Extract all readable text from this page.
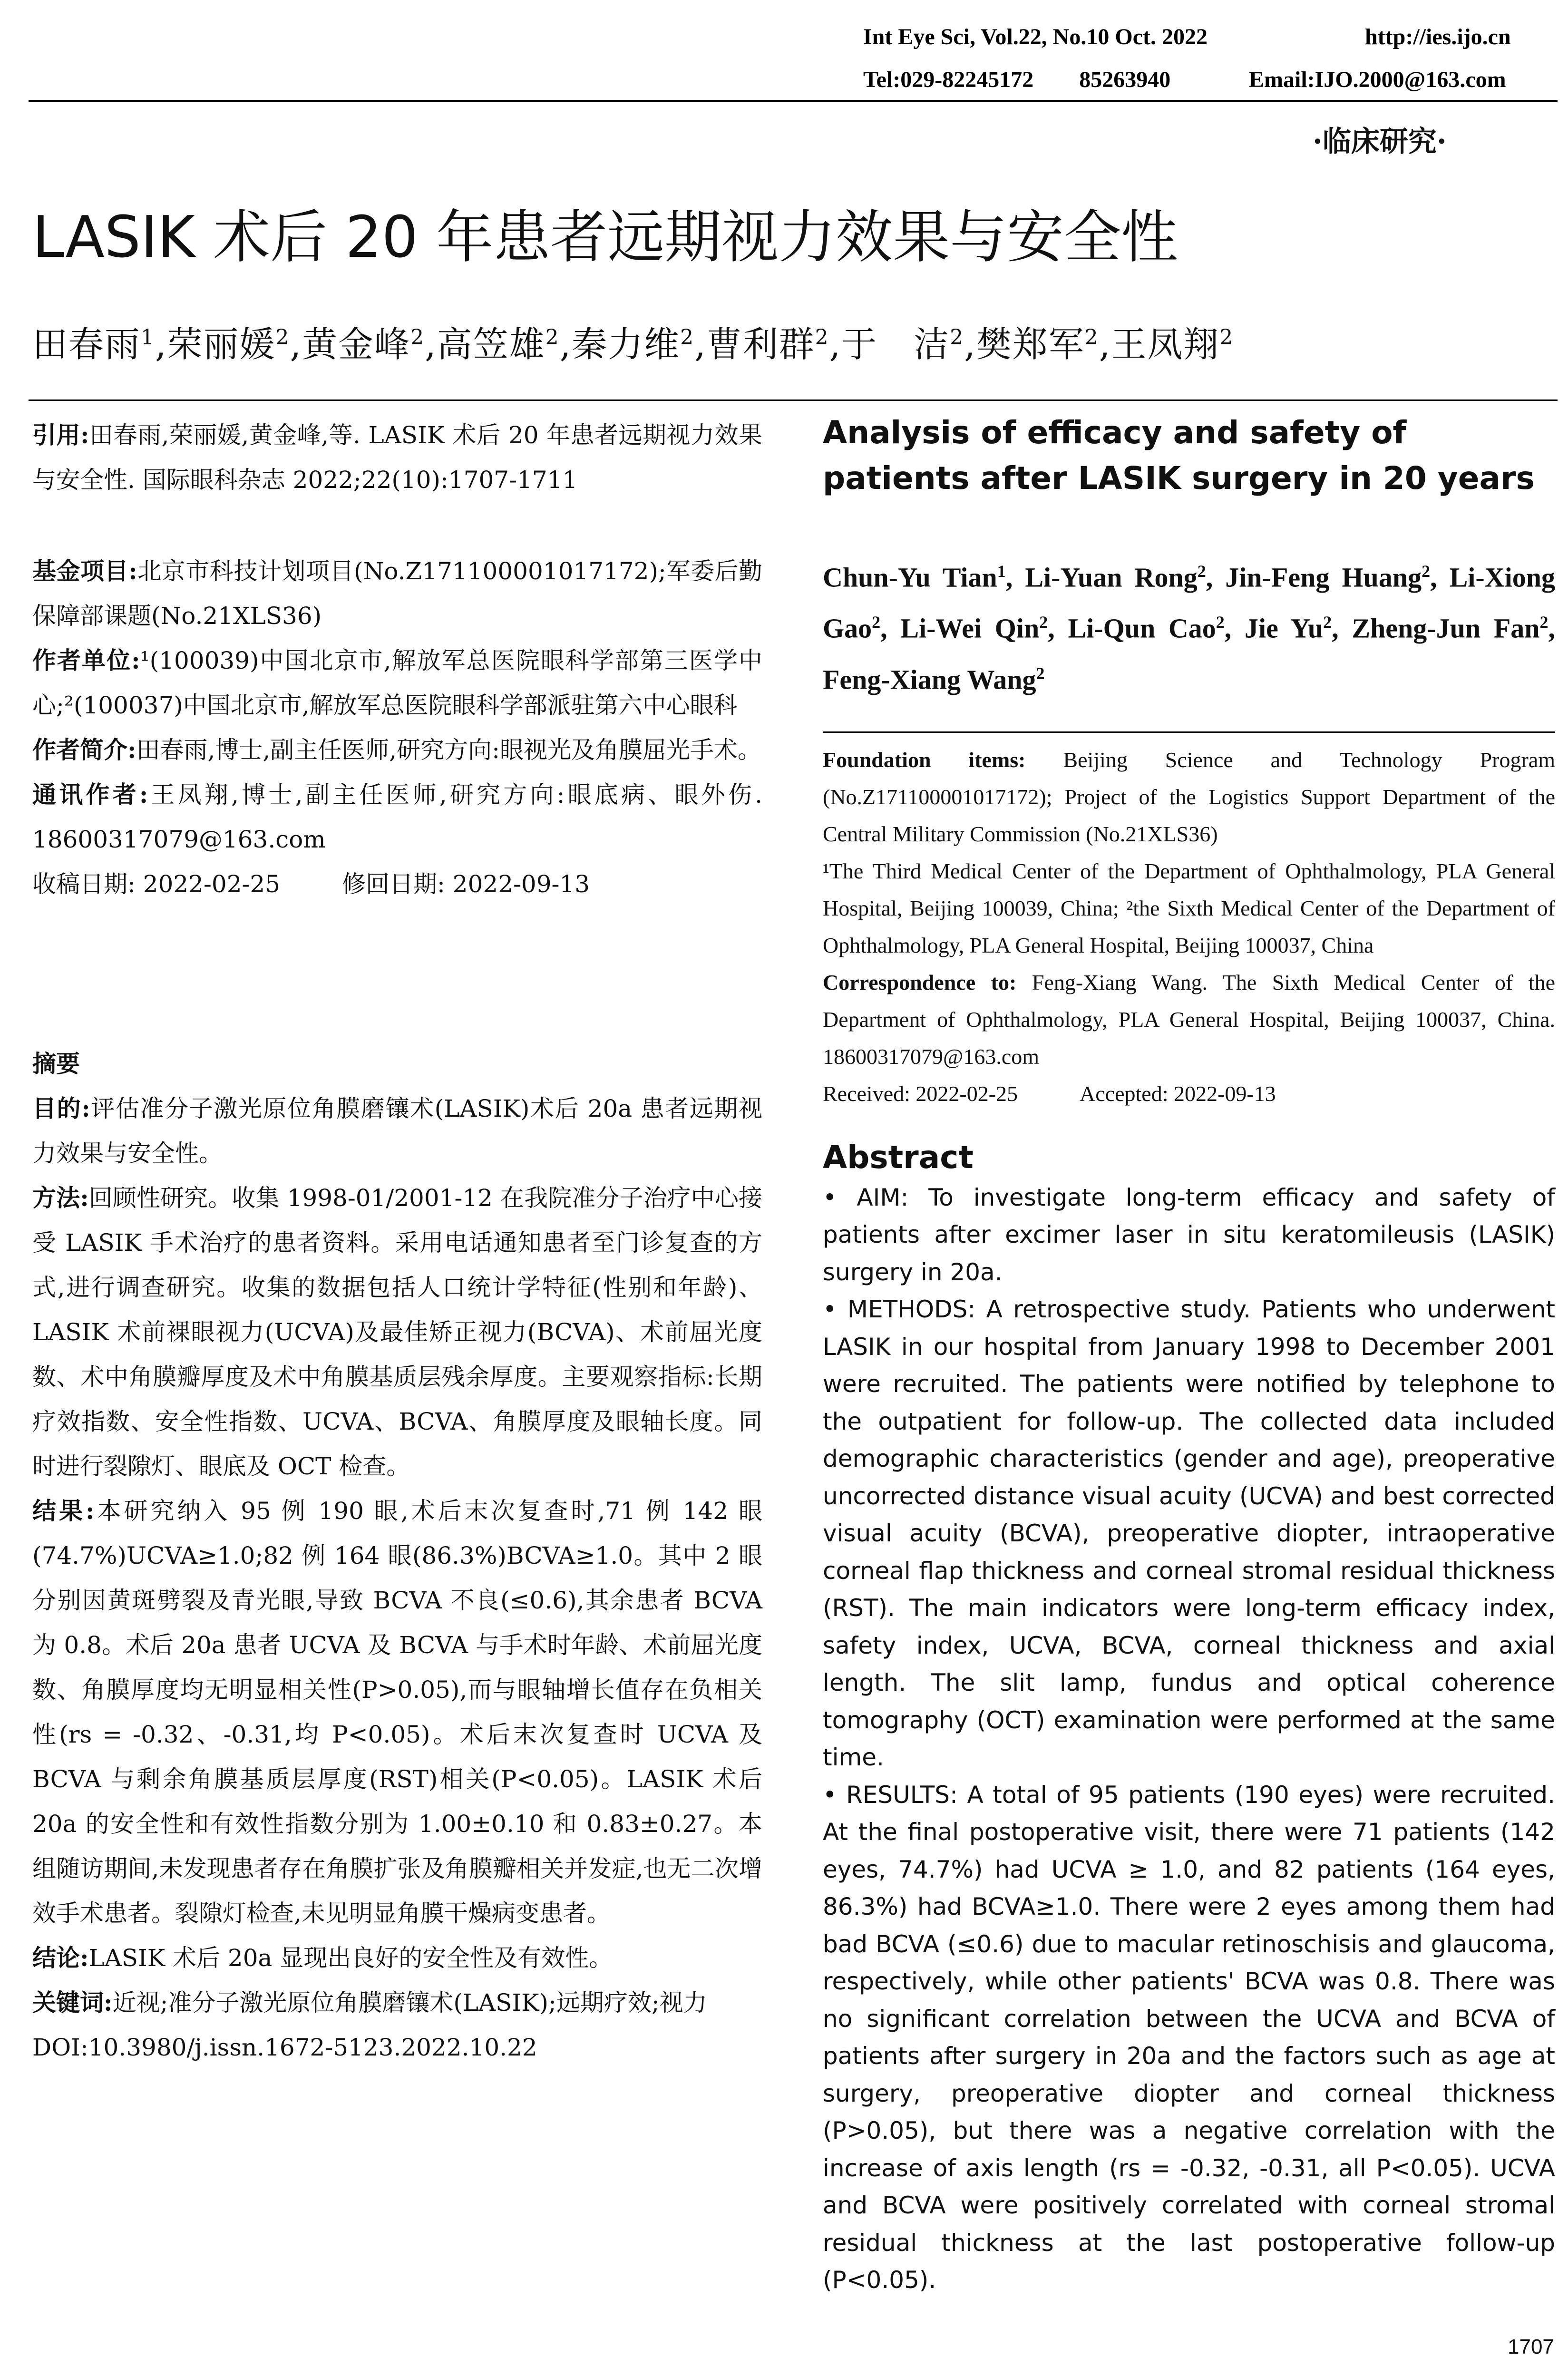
Int Eye Sci, Vol.22, No.10 Oct. 2022	http://ies.ijo.cn
Tel:029-82245172　　85263940	Email:IJO.2000@163.com
·临床研究·
LASIK 术后 20 年患者远期视力效果与安全性
田春雨$^1$,荣丽媛$^2$,黄金峰$^2$,高笠雄$^2$,秦力维$^2$,曹利群$^2$,于　洁$^2$,樊郑军$^2$,王凤翔$^2$

引用:田春雨,荣丽媛,黄金峰,等. LASIK 术后 20 年患者远期视力效果与安全性. 国际眼科杂志 2022;22(10):1707-1711

基金项目:北京市科技计划项目(No.Z171100001017172);军委后勤保障部课题(No.21XLS36)

作者单位:¹(100039)中国北京市,解放军总医院眼科学部第三医学中心;²(100037)中国北京市,解放军总医院眼科学部派驻第六中心眼科

作者简介:田春雨,博士,副主任医师,研究方向:眼视光及角膜屈光手术。

通讯作者:王凤翔,博士,副主任医师,研究方向:眼底病、眼外伤. 18600317079@163.com

收稿日期: 2022-02-25	修回日期: 2022-09-13

摘要

目的:评估准分子激光原位角膜磨镶术(LASIK)术后 20a 患者远期视力效果与安全性。

方法:回顾性研究。收集 1998-01/2001-12 在我院准分子治疗中心接受 LASIK 手术治疗的患者资料。采用电话通知患者至门诊复查的方式,进行调查研究。收集的数据包括人口统计学特征(性别和年龄)、LASIK 术前裸眼视力(UCVA)及最佳矫正视力(BCVA)、术前屈光度数、术中角膜瓣厚度及术中角膜基质层残余厚度。主要观察指标:长期疗效指数、安全性指数、UCVA、BCVA、角膜厚度及眼轴长度。同时进行裂隙灯、眼底及 OCT 检查。

结果:本研究纳入 95 例 190 眼,术后末次复查时,71 例 142 眼(74.7%)UCVA≥1.0;82 例 164 眼(86.3%)BCVA≥1.0。其中 2 眼分别因黄斑劈裂及青光眼,导致 BCVA 不良(≤0.6),其余患者 BCVA 为 0.8。术后 20a 患者 UCVA 及 BCVA 与手术时年龄、术前屈光度数、角膜厚度均无明显相关性(P>0.05),而与眼轴增长值存在负相关性(rs = -0.32、-0.31,均 P<0.05)。术后末次复查时 UCVA 及 BCVA 与剩余角膜基质层厚度(RST)相关(P<0.05)。LASIK 术后 20a 的安全性和有效性指数分别为 1.00±0.10 和 0.83±0.27。本组随访期间,未发现患者存在角膜扩张及角膜瓣相关并发症,也无二次增效手术患者。裂隙灯检查,未见明显角膜干燥病变患者。

结论:LASIK 术后 20a 显现出良好的安全性及有效性。

关键词:近视;准分子激光原位角膜磨镶术(LASIK);远期疗效;视力

DOI:10.3980/j.issn.1672-5123.2022.10.22

Analysis of efficacy and safety of patients after LASIK surgery in 20 years
Chun-Yu Tian$^1$, Li-Yuan Rong$^2$, Jin-Feng Huang$^2$, Li-Xiong Gao$^2$, Li-Wei Qin$^2$, Li-Qun Cao$^2$, Jie Yu$^2$, Zheng-Jun Fan$^2$, Feng-Xiang Wang$^2$
Foundation items: Beijing Science and Technology Program (No.Z171100001017172); Project of the Logistics Support Department of the Central Military Commission (No.21XLS36)
¹The Third Medical Center of the Department of Ophthalmology, PLA General Hospital, Beijing 100039, China; ²the Sixth Medical Center of the Department of Ophthalmology, PLA General Hospital, Beijing 100037, China
Correspondence to: Feng-Xiang Wang. The Sixth Medical Center of the Department of Ophthalmology, PLA General Hospital, Beijing 100037, China. 18600317079@163.com
Received: 2022-02-25	Accepted: 2022-09-13
Abstract

• AIM: To investigate long-term efficacy and safety of patients after excimer laser in situ keratomileusis (LASIK) surgery in 20a.

• METHODS: A retrospective study. Patients who underwent LASIK in our hospital from January 1998 to December 2001 were recruited. The patients were notified by telephone to the outpatient for follow-up. The collected data included demographic characteristics (gender and age), preoperative uncorrected distance visual acuity (UCVA) and best corrected visual acuity (BCVA), preoperative diopter, intraoperative corneal flap thickness and corneal stromal residual thickness (RST). The main indicators were long-term efficacy index, safety index, UCVA, BCVA, corneal thickness and axial length. The slit lamp, fundus and optical coherence tomography (OCT) examination were performed at the same time.

• RESULTS: A total of 95 patients (190 eyes) were recruited. At the final postoperative visit, there were 71 patients (142 eyes, 74.7%) had UCVA ≥ 1.0, and 82 patients (164 eyes, 86.3%) had BCVA≥1.0. There were 2 eyes among them had bad BCVA (≤0.6) due to macular retinoschisis and glaucoma, respectively, while other patients' BCVA was 0.8. There was no significant correlation between the UCVA and BCVA of patients after surgery in 20a and the factors such as age at surgery, preoperative diopter and corneal thickness (P>0.05), but there was a negative correlation with the increase of axis length (rs = -0.32, -0.31, all P<0.05). UCVA and BCVA were positively correlated with corneal stromal residual thickness at the last postoperative follow-up (P<0.05).

1707
